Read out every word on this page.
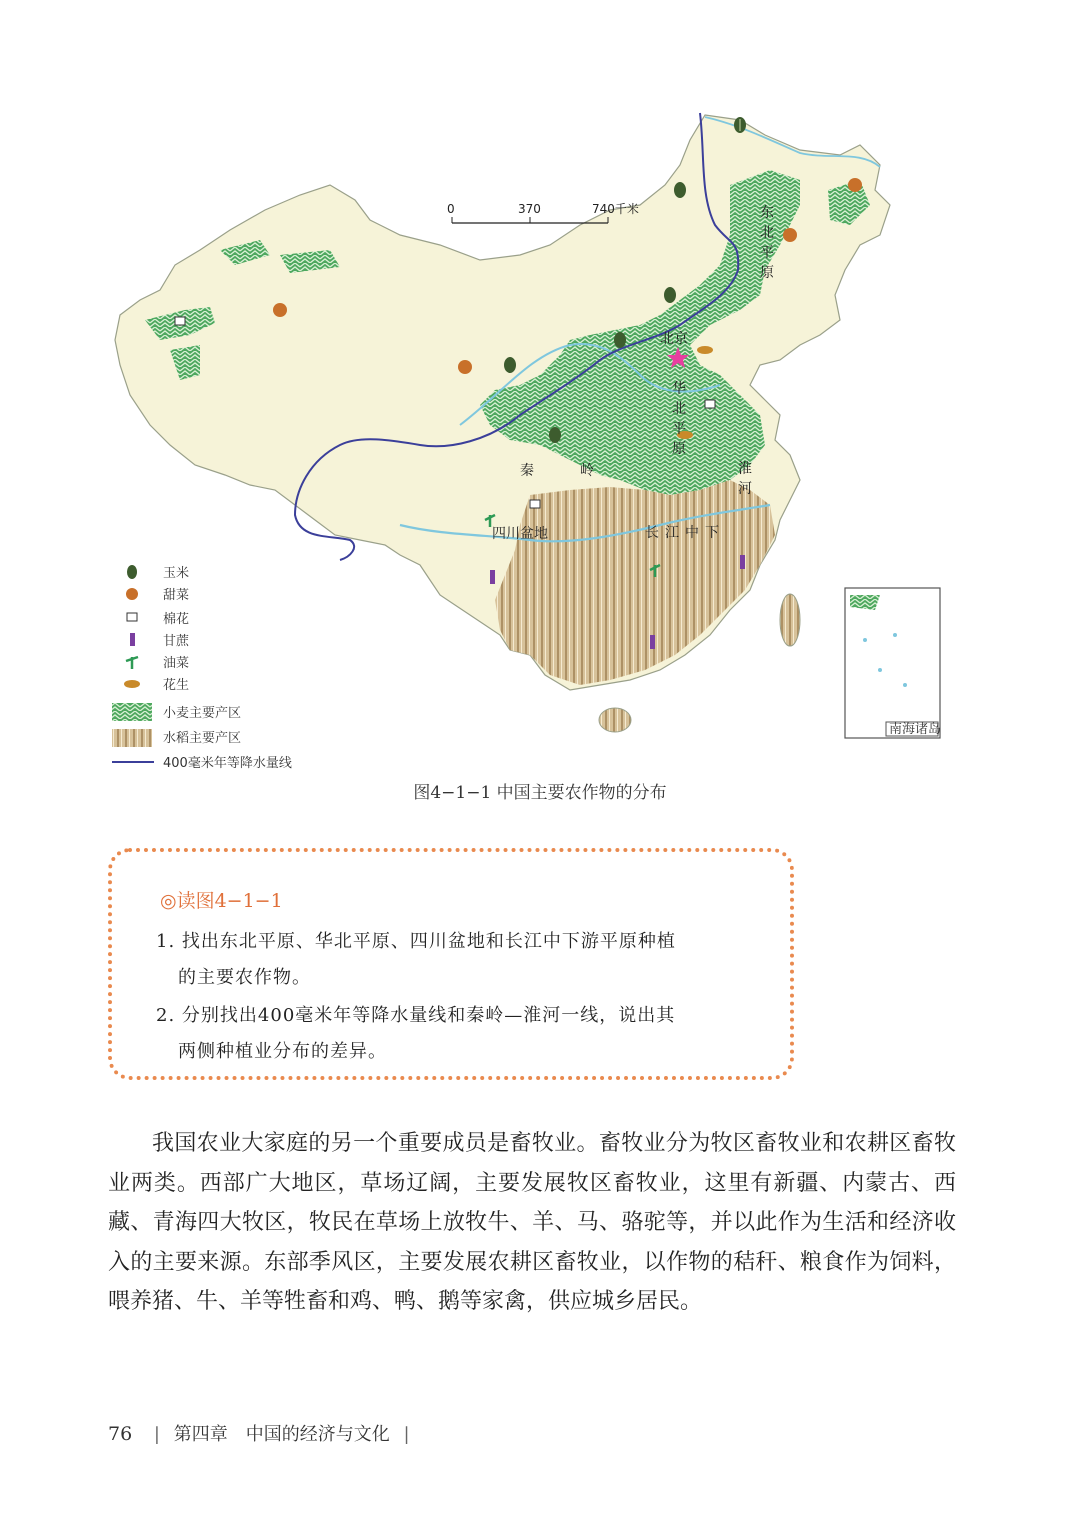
北京
秦	岭
四川盆地
东
北
平
原
华
北
平
原
淮
河
长 江 中 下
0	370	740千米
南海诸岛
玉米
甜菜
棉花
甘蔗
油菜
花生
小麦主要产区
水稻主要产区
400毫米年等降水量线
图4−1−1 中国主要农作物的分布
◎读图4−1−1
1. 找出东北平原、华北平原、四川盆地和长江中下游平原种植
的主要农作物。
2. 分别找出400毫米年等降水量线和秦岭—淮河一线，说出其
两侧种植业分布的差异。
我国农业大家庭的另一个重要成员是畜牧业。畜牧业分为牧区畜牧业和农耕区畜牧业两类。西部广大地区，草场辽阔，主要发展牧区畜牧业，这里有新疆、内蒙古、西藏、青海四大牧区，牧民在草场上放牧牛、羊、马、骆驼等，并以此作为生活和经济收入的主要来源。东部季风区，主要发展农耕区畜牧业，以作物的秸秆、粮食作为饲料，喂养猪、牛、羊等牲畜和鸡、鸭、鹅等家禽，供应城乡居民。
76 | 第四章　中国的经济与文化 |
